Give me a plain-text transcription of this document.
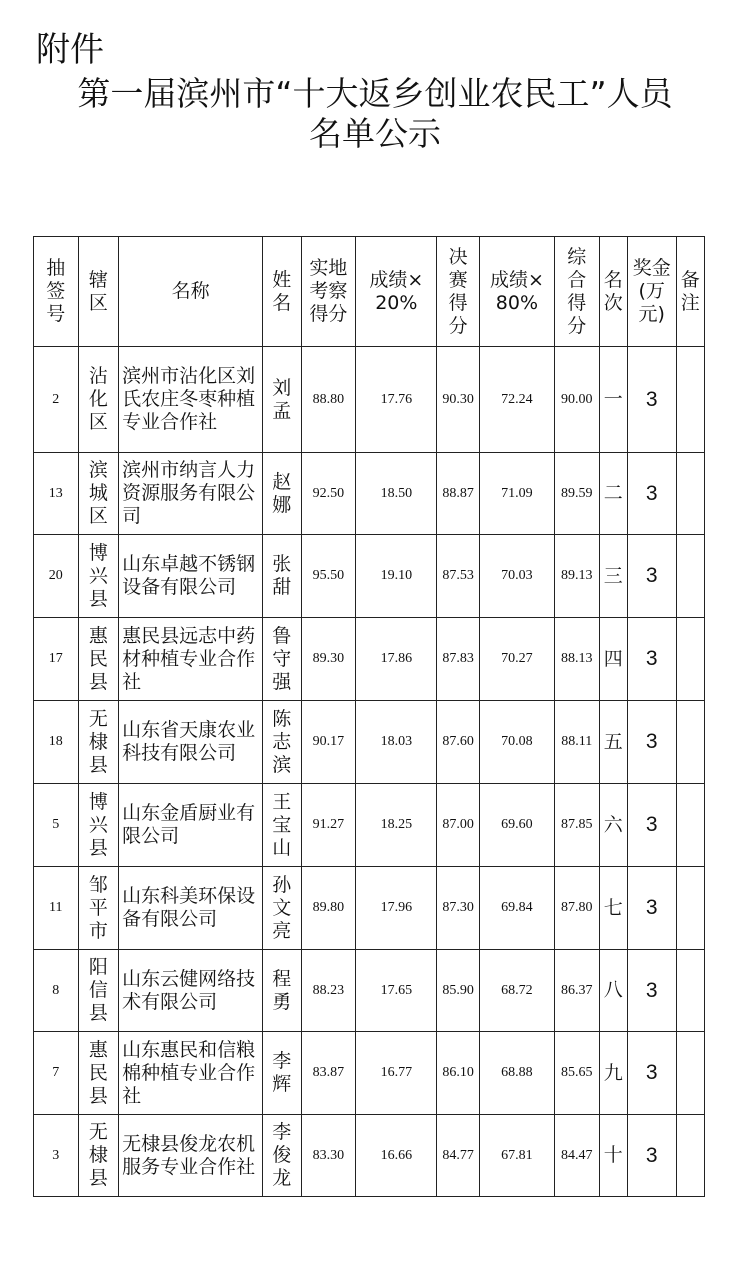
附件
第一届滨州市“十大返乡创业农民工”人员
名单公示
抽签号	辖区	名称	姓名	实地考察得分	成绩×20%	决赛得分	成绩×80%	综合得分	名次	奖金(万元)	备注
2	沾化区	滨州市沾化区刘氏农庄冬枣种植专业合作社	刘孟	88.80	17.76	90.30	72.24	90.00	一	3	
13	滨城区	滨州市纳言人力资源服务有限公司	赵娜	92.50	18.50	88.87	71.09	89.59	二	3	
20	博兴县	山东卓越不锈钢设备有限公司	张甜	95.50	19.10	87.53	70.03	89.13	三	3	
17	惠民县	惠民县远志中药材种植专业合作社	鲁守强	89.30	17.86	87.83	70.27	88.13	四	3	
18	无棣县	山东省天康农业科技有限公司	陈志滨	90.17	18.03	87.60	70.08	88.11	五	3	
5	博兴县	山东金盾厨业有限公司	王宝山	91.27	18.25	87.00	69.60	87.85	六	3	
11	邹平市	山东科美环保设备有限公司	孙文亮	89.80	17.96	87.30	69.84	87.80	七	3	
8	阳信县	山东云健网络技术有限公司	程勇	88.23	17.65	85.90	68.72	86.37	八	3	
7	惠民县	山东惠民和信粮棉种植专业合作社	李辉	83.87	16.77	86.10	68.88	85.65	九	3	
3	无棣县	无棣县俊龙农机服务专业合作社	李俊龙	83.30	16.66	84.77	67.81	84.47	十	3	
